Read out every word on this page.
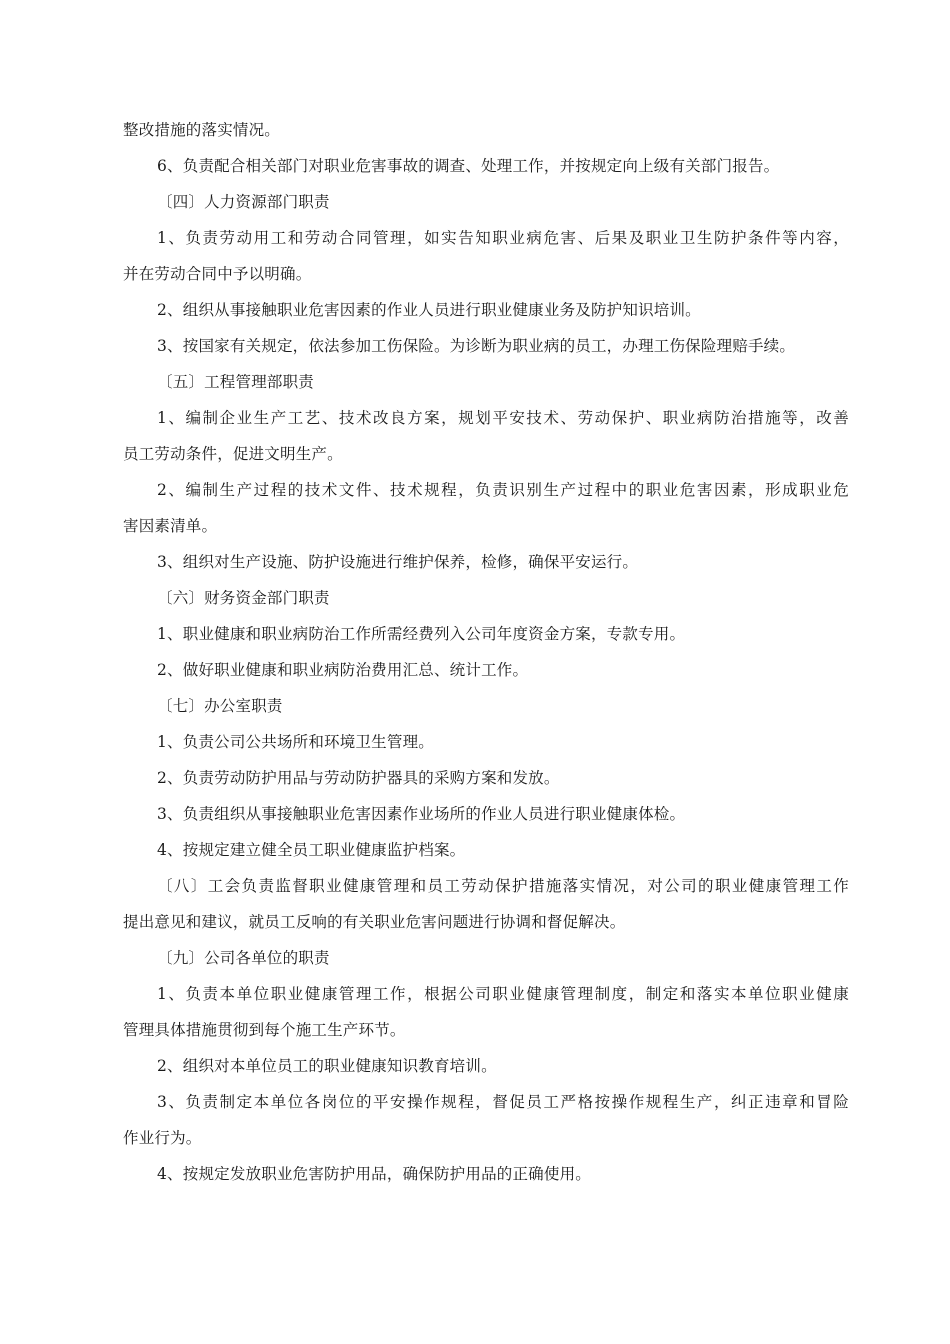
整改措施的落实情况。
6、负责配合相关部门对职业危害事故的调查、处理工作，并按规定向上级有关部门报告。
〔四〕人力资源部门职责
1、负责劳动用工和劳动合同管理，如实告知职业病危害、后果及职业卫生防护条件等内容，
并在劳动合同中予以明确。
2、组织从事接触职业危害因素的作业人员进行职业健康业务及防护知识培训。
3、按国家有关规定，依法参加工伤保险。为诊断为职业病的员工，办理工伤保险理赔手续。
〔五〕工程管理部职责
1、编制企业生产工艺、技术改良方案，规划平安技术、劳动保护、职业病防治措施等，改善
员工劳动条件，促进文明生产。
2、编制生产过程的技术文件、技术规程，负责识别生产过程中的职业危害因素，形成职业危
害因素清单。
3、组织对生产设施、防护设施进行维护保养，检修，确保平安运行。
〔六〕财务资金部门职责
1、职业健康和职业病防治工作所需经费列入公司年度资金方案，专款专用。
2、做好职业健康和职业病防治费用汇总、统计工作。
〔七〕办公室职责
1、负责公司公共场所和环境卫生管理。
2、负责劳动防护用品与劳动防护器具的采购方案和发放。
3、负责组织从事接触职业危害因素作业场所的作业人员进行职业健康体检。
4、按规定建立健全员工职业健康监护档案。
〔八〕工会负责监督职业健康管理和员工劳动保护措施落实情况，对公司的职业健康管理工作
提出意见和建议，就员工反响的有关职业危害问题进行协调和督促解决。
〔九〕公司各单位的职责
1、负责本单位职业健康管理工作，根据公司职业健康管理制度，制定和落实本单位职业健康
管理具体措施贯彻到每个施工生产环节。
2、组织对本单位员工的职业健康知识教育培训。
3、负责制定本单位各岗位的平安操作规程，督促员工严格按操作规程生产，纠正违章和冒险
作业行为。
4、按规定发放职业危害防护用品，确保防护用品的正确使用。
